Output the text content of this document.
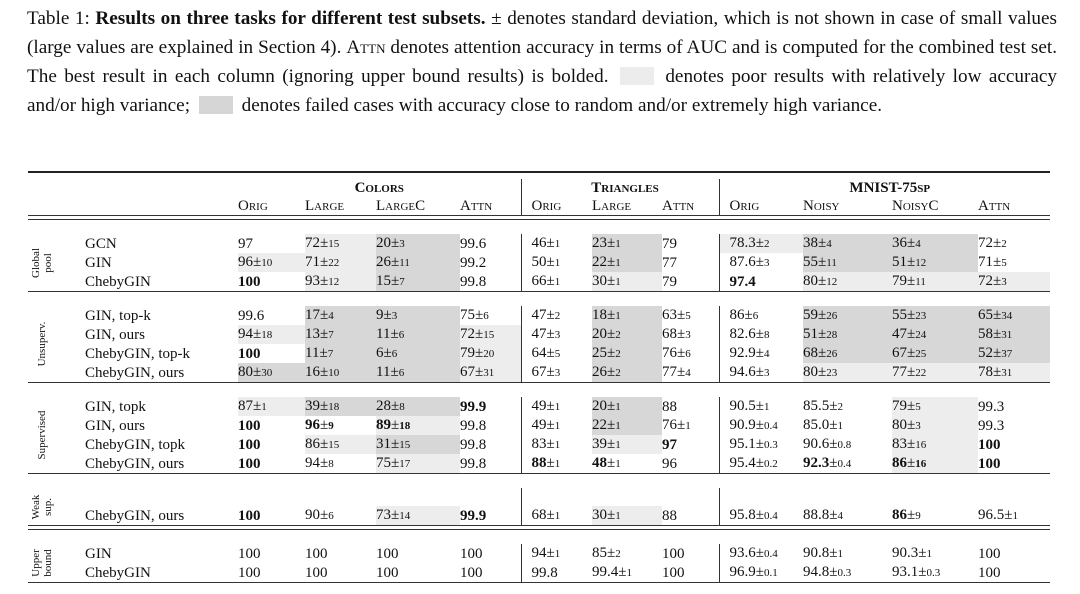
Table 1: Results on three tasks for different test subsets. ± denotes standard deviation, which is not shown in case of small values (large values are explained in Section 4). Attn denotes attention accuracy in terms of AUC and is computed for the combined test set. The best result in each column (ignoring upper bound results) is bolded.	denotes poor results with relatively low accuracy and/or high variance;  denotes failed cases with accuracy close to random and/or extremely high variance.

		Colors				Triangles			MNIST-75sp			
		Orig	Large	LargeC	Attn	Orig	Large	Attn	Orig	Noisy	NoisyC	Attn

Global
pool	GCN	97	72±15	20±3	99.6	46±1	23±1	79	78.3±2	38±4	36±4	72±2
	GIN	96±10	71±22	26±11	99.2	50±1	22±1	77	87.6±3	55±11	51±12	71±5
	ChebyGIN	100	93±12	15±7	99.8	66±1	30±1	79	97.4	80±12	79±11	72±3

Unsuperv.	GIN, top-k	99.6	17±4	9±3	75±6	47±2	18±1	63±5	86±6	59±26	55±23	65±34
	GIN, ours	94±18	13±7	11±6	72±15	47±3	20±2	68±3	82.6±8	51±28	47±24	58±31
	ChebyGIN, top-k	100	11±7	6±6	79±20	64±5	25±2	76±6	92.9±4	68±26	67±25	52±37
	ChebyGIN, ours	80±30	16±10	11±6	67±31	67±3	26±2	77±4	94.6±3	80±23	77±22	78±31

Supervised	GIN, topk	87±1	39±18	28±8	99.9	49±1	20±1	88	90.5±1	85.5±2	79±5	99.3
	GIN, ours	100	96±9	89±18	99.8	49±1	22±1	76±1	90.9±0.4	85.0±1	80±3	99.3
	ChebyGIN, topk	100	86±15	31±15	99.8	83±1	39±1	97	95.1±0.3	90.6±0.8	83±16	100
	ChebyGIN, ours	100	94±8	75±17	99.8	88±1	48±1	96	95.4±0.2	92.3±0.4	86±16	100

Weak
sup.												

	ChebyGIN, ours	100	90±6	73±14	99.9	68±1	30±1	88	95.8±0.4	88.8±4	86±9	96.5±1

Upper
bound	GIN	100	100	100	100	94±1	85±2	100	93.6±0.4	90.8±1	90.3±1	100
	ChebyGIN	100	100	100	100	99.8	99.4±1	100	96.9±0.1	94.8±0.3	93.1±0.3	100
